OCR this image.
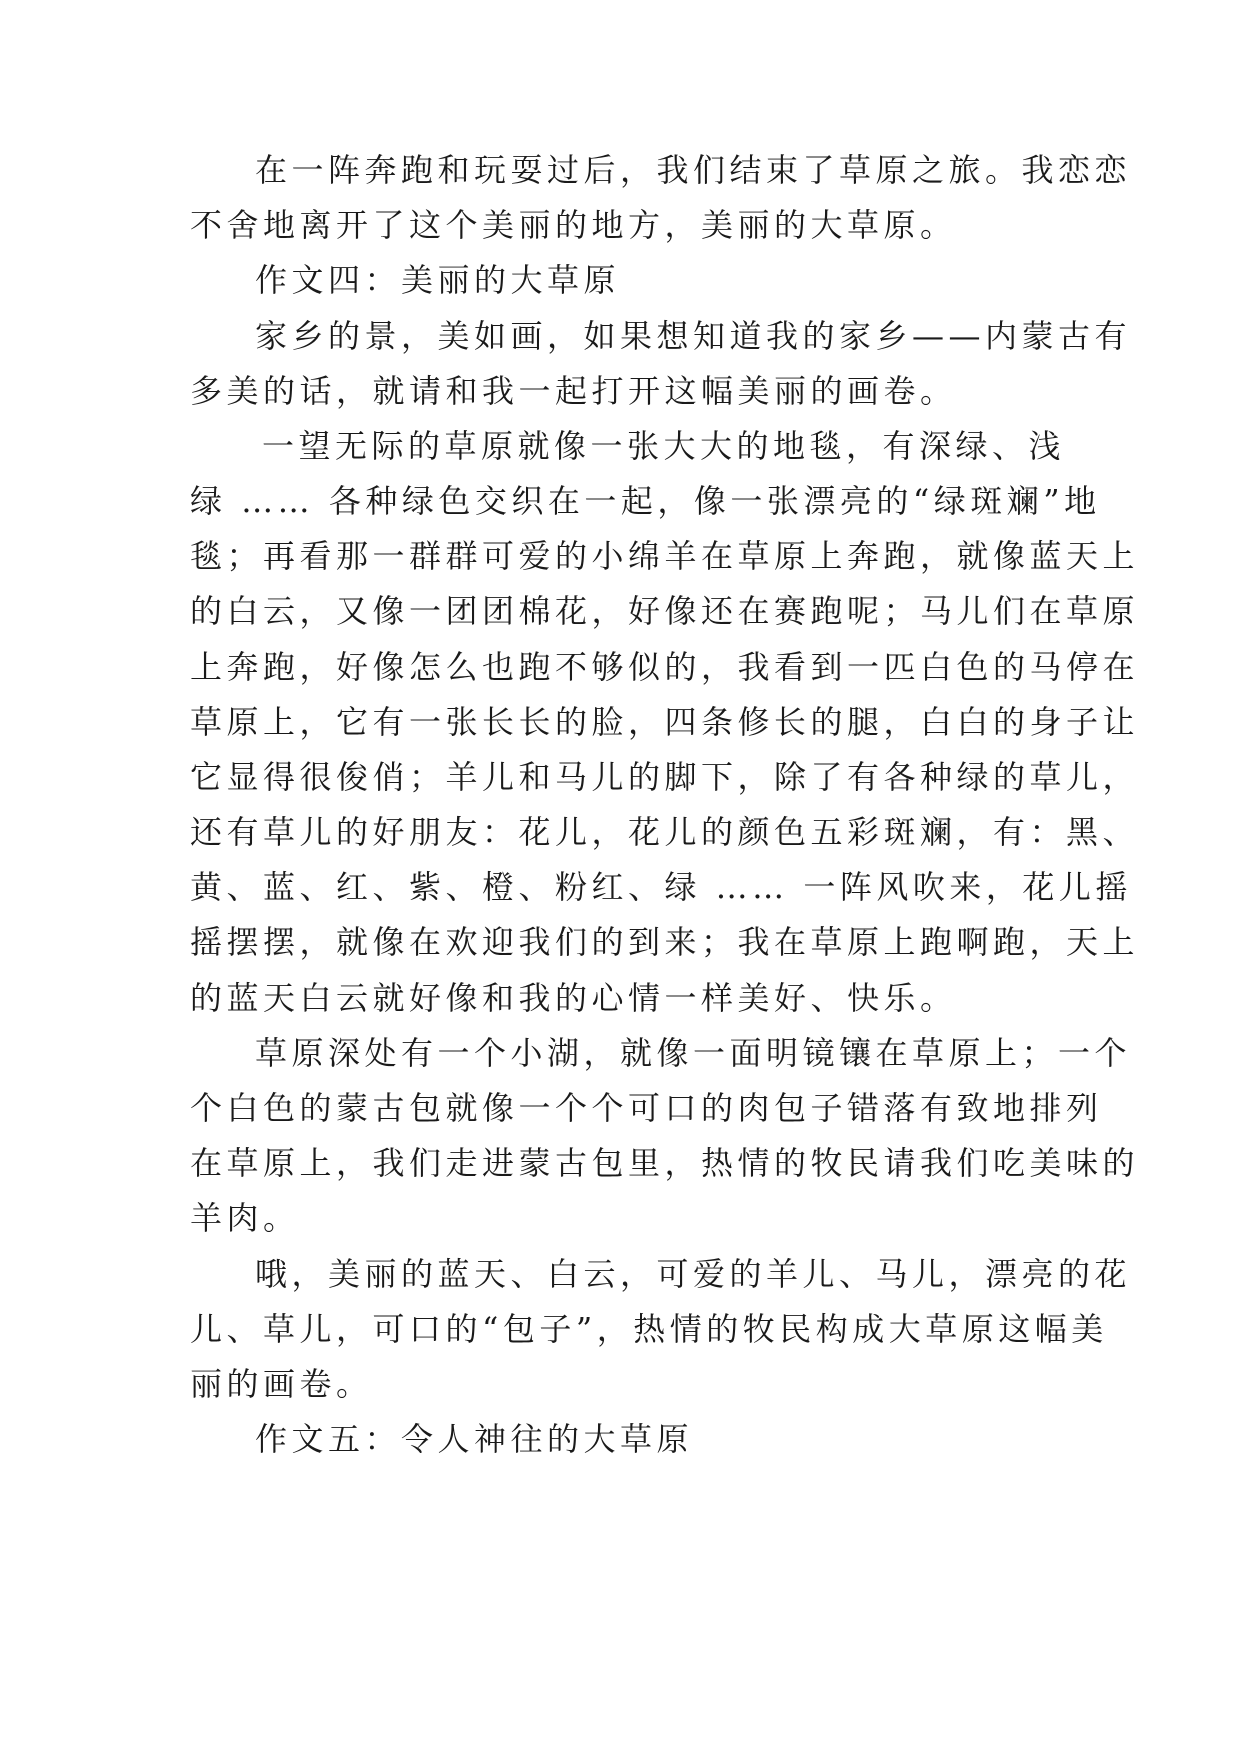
在一阵奔跑和玩耍过后，我们结束了草原之旅。我恋恋
不舍地离开了这个美丽的地方，美丽的大草原。
作文四：美丽的大草原
家乡的景，美如画，如果想知道我的家乡——内蒙古有
多美的话，就请和我一起打开这幅美丽的画卷。
一望无际的草原就像一张大大的地毯，有深绿、浅
绿 …… 各种绿色交织在一起，像一张漂亮的“绿斑斓”地
毯；再看那一群群可爱的小绵羊在草原上奔跑，就像蓝天上
的白云，又像一团团棉花，好像还在赛跑呢；马儿们在草原
上奔跑，好像怎么也跑不够似的，我看到一匹白色的马停在
草原上，它有一张长长的脸，四条修长的腿，白白的身子让
它显得很俊俏；羊儿和马儿的脚下，除了有各种绿的草儿，
还有草儿的好朋友：花儿，花儿的颜色五彩斑斓，有：黑、
黄、蓝、红、紫、橙、粉红、绿 …… 一阵风吹来，花儿摇
摇摆摆，就像在欢迎我们的到来；我在草原上跑啊跑，天上
的蓝天白云就好像和我的心情一样美好、快乐。
草原深处有一个小湖，就像一面明镜镶在草原上；一个
个白色的蒙古包就像一个个可口的肉包子错落有致地排列
在草原上，我们走进蒙古包里，热情的牧民请我们吃美味的
羊肉。
哦，美丽的蓝天、白云，可爱的羊儿、马儿，漂亮的花
儿、草儿，可口的“包子”，热情的牧民构成大草原这幅美
丽的画卷。
作文五：令人神往的大草原
